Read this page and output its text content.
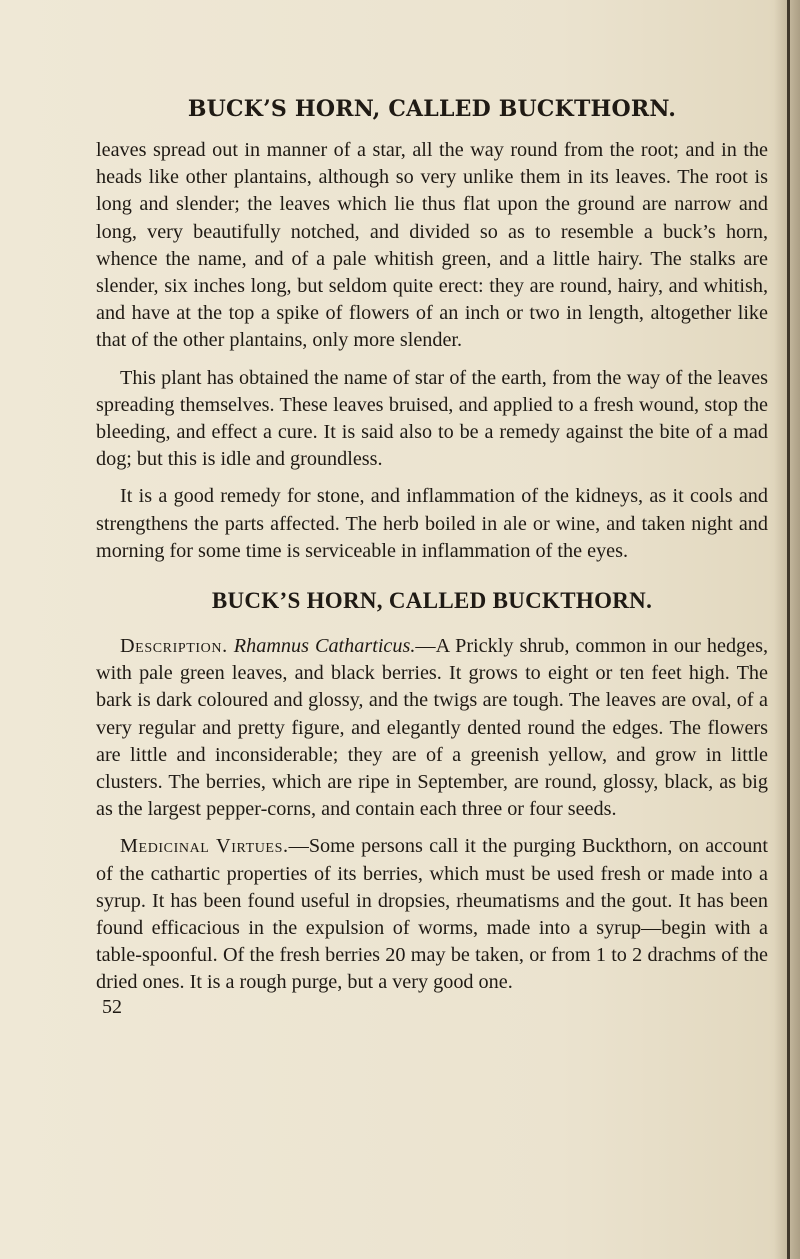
BUCK’S HORN, CALLED BUCKTHORN.

leaves spread out in manner of a star, all the way round from the root; and in the heads like other plantains, although so very unlike them in its leaves. The root is long and slender; the leaves which lie thus flat upon the ground are narrow and long, very beautifully notched, and divided so as to resemble a buck’s horn, whence the name, and of a pale whitish green, and a little hairy. The stalks are slender, six inches long, but seldom quite erect: they are round, hairy, and whitish, and have at the top a spike of flowers of an inch or two in length, altogether like that of the other plantains, only more slender.

This plant has obtained the name of star of the earth, from the way of the leaves spreading themselves. These leaves bruised, and applied to a fresh wound, stop the bleeding, and effect a cure. It is said also to be a remedy against the bite of a mad dog; but this is idle and groundless.

It is a good remedy for stone, and inflammation of the kidneys, as it cools and strengthens the parts affected. The herb boiled in ale or wine, and taken night and morning for some time is serviceable in inflammation of the eyes.

BUCK’S HORN, CALLED BUCKTHORN.

Description. Rhamnus Catharticus.—A Prickly shrub, common in our hedges, with pale green leaves, and black berries. It grows to eight or ten feet high. The bark is dark coloured and glossy, and the twigs are tough. The leaves are oval, of a very regular and pretty figure, and elegantly dented round the edges. The flowers are little and inconsiderable; they are of a greenish yellow, and grow in little clusters. The berries, which are ripe in September, are round, glossy, black, as big as the largest pepper-corns, and contain each three or four seeds.

Medicinal Virtues.—Some persons call it the purging Buckthorn, on account of the cathartic properties of its berries, which must be used fresh or made into a syrup. It has been found useful in dropsies, rheumatisms and the gout. It has been found efficacious in the expulsion of worms, made into a syrup—begin with a table-spoonful. Of the fresh berries 20 may be taken, or from 1 to 2 drachms of the dried ones. It is a rough purge, but a very good one.

52
